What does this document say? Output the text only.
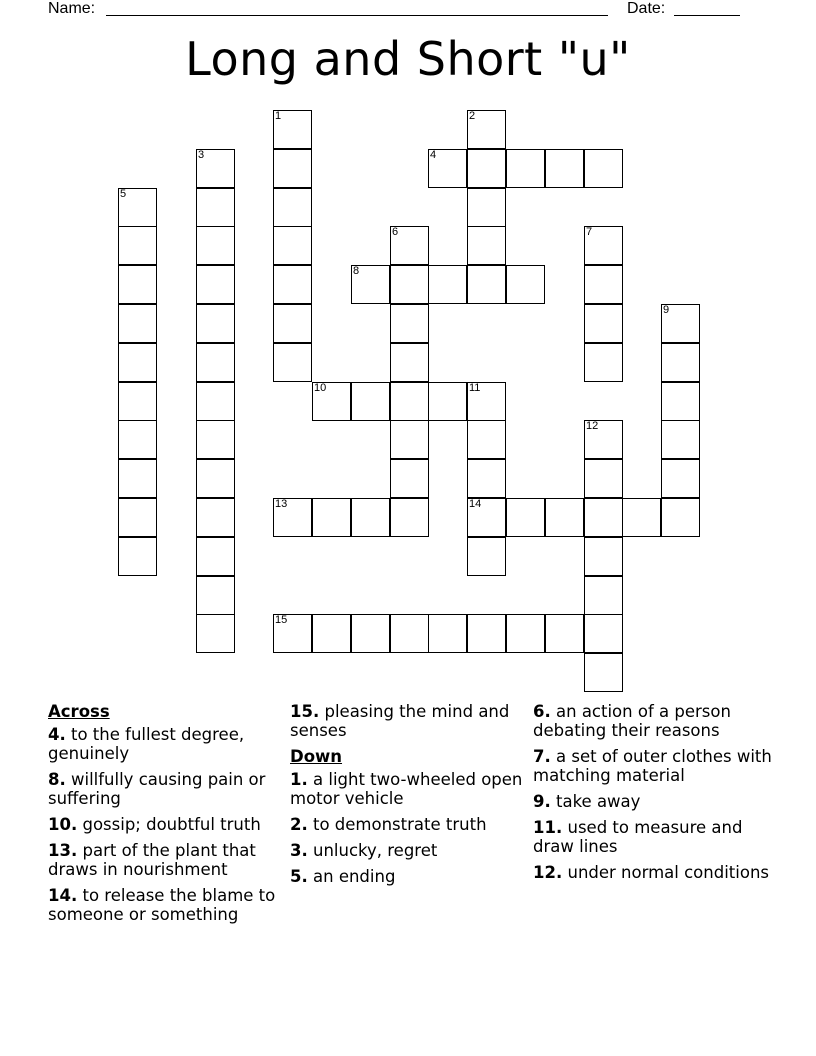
Name:	Date:
Long and Short "u"
1	2
3	4
5
6	7
8
9
10	11
14
12
13
15
Across
4. to the fullest degree, genuinely
8. willfully causing pain or suffering
10. gossip; doubtful truth
13. part of the plant that draws in nourishment
14. to release the blame to someone or something
15. pleasing the mind and senses
Down
1. a light two-wheeled open motor vehicle
2. to demonstrate truth
3. unlucky, regret
5. an ending
6. an action of a person debating their reasons
7. a set of outer clothes with matching material
9. take away
11. used to measure and draw lines
12. under normal conditions
